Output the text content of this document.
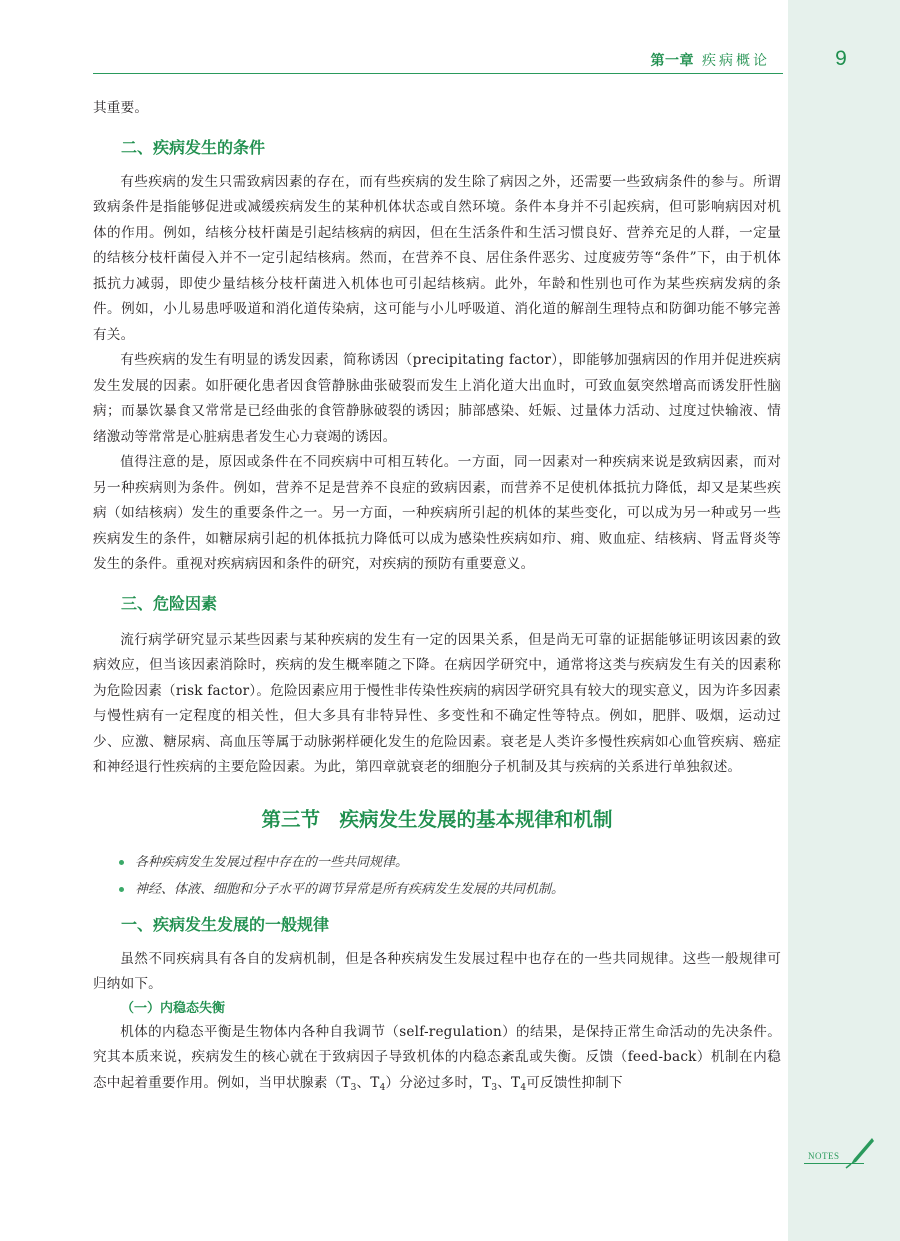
第一章 疾病概论	9

其重要。

二、疾病发生的条件

有些疾病的发生只需致病因素的存在，而有些疾病的发生除了病因之外，还需要一些致病条件的参与。所谓致病条件是指能够促进或减缓疾病发生的某种机体状态或自然环境。条件本身并不引起疾病，但可影响病因对机体的作用。例如，结核分枝杆菌是引起结核病的病因，但在生活条件和生活习惯良好、营养充足的人群，一定量的结核分枝杆菌侵入并不一定引起结核病。然而，在营养不良、居住条件恶劣、过度疲劳等“条件”下，由于机体抵抗力减弱，即使少量结核分枝杆菌进入机体也可引起结核病。此外，年龄和性别也可作为某些疾病发病的条件。例如，小儿易患呼吸道和消化道传染病，这可能与小儿呼吸道、消化道的解剖生理特点和防御功能不够完善有关。

有些疾病的发生有明显的诱发因素，简称诱因（precipitating factor），即能够加强病因的作用并促进疾病发生发展的因素。如肝硬化患者因食管静脉曲张破裂而发生上消化道大出血时，可致血氨突然增高而诱发肝性脑病；而暴饮暴食又常常是已经曲张的食管静脉破裂的诱因；肺部感染、妊娠、过量体力活动、过度过快输液、情绪激动等常常是心脏病患者发生心力衰竭的诱因。

值得注意的是，原因或条件在不同疾病中可相互转化。一方面，同一因素对一种疾病来说是致病因素，而对另一种疾病则为条件。例如，营养不足是营养不良症的致病因素，而营养不足使机体抵抗力降低，却又是某些疾病（如结核病）发生的重要条件之一。另一方面，一种疾病所引起的机体的某些变化，可以成为另一种或另一些疾病发生的条件，如糖尿病引起的机体抵抗力降低可以成为感染性疾病如疖、痈、败血症、结核病、肾盂肾炎等发生的条件。重视对疾病病因和条件的研究，对疾病的预防有重要意义。

三、危险因素

流行病学研究显示某些因素与某种疾病的发生有一定的因果关系，但是尚无可靠的证据能够证明该因素的致病效应，但当该因素消除时，疾病的发生概率随之下降。在病因学研究中，通常将这类与疾病发生有关的因素称为危险因素（risk factor）。危险因素应用于慢性非传染性疾病的病因学研究具有较大的现实意义，因为许多因素与慢性病有一定程度的相关性，但大多具有非特异性、多变性和不确定性等特点。例如，肥胖、吸烟，运动过少、应激、糖尿病、高血压等属于动脉粥样硬化发生的危险因素。衰老是人类许多慢性疾病如心血管疾病、癌症和神经退行性疾病的主要危险因素。为此，第四章就衰老的细胞分子机制及其与疾病的关系进行单独叙述。

第三节　疾病发生发展的基本规律和机制
各种疾病发生发展过程中存在的一些共同规律。
神经、体液、细胞和分子水平的调节异常是所有疾病发生发展的共同机制。
一、疾病发生发展的一般规律

虽然不同疾病具有各自的发病机制，但是各种疾病发生发展过程中也存在的一些共同规律。这些一般规律可归纳如下。

（一）内稳态失衡

机体的内稳态平衡是生物体内各种自我调节（self-regulation）的结果，是保持正常生命活动的先决条件。究其本质来说，疾病发生的核心就在于致病因子导致机体的内稳态紊乱或失衡。反馈（feed-back）机制在内稳态中起着重要作用。例如，当甲状腺素（$T_3$、$T_4$）分泌过多时，$T_3$、$T_4$可反馈性抑制下

NOTES
